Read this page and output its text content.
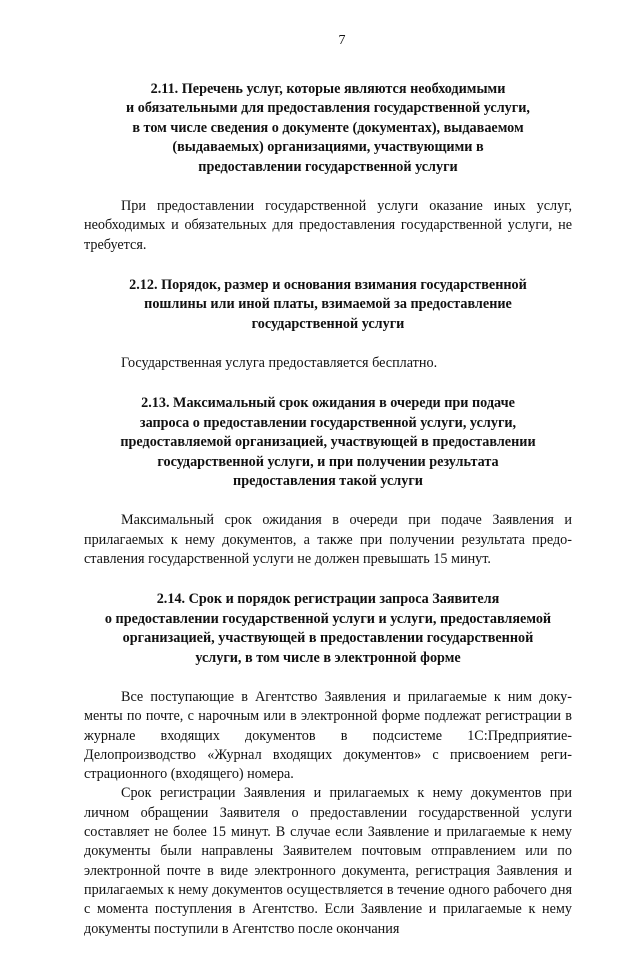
7
2.11. Перечень услуг, которые являются необходимыми
и обязательными для предоставления государственной услуги,
в том числе сведения о документе (документах), выдаваемом
(выдаваемых) организациями, участвующими в
предоставлении государственной услуги

При предоставлении государственной услуги оказание иных услуг, необходимых и обязательных для предоставления государственной услуги, не требуется.

2.12. Порядок, размер и основания взимания государственной
пошлины или иной платы, взимаемой за предоставление
государственной услуги

Государственная услуга предоставляется бесплатно.

2.13. Максимальный срок ожидания в очереди при подаче
запроса о предоставлении государственной услуги, услуги,
предоставляемой организацией, участвующей в предоставлении
государственной услуги, и при получении результата
предоставления такой услуги

Максимальный срок ожидания в очереди при подаче Заявления и прилагаемых к нему документов, а также при получении результата предоставления государственной услуги не должен превышать 15 минут.

2.14. Срок и порядок регистрации запроса Заявителя
о предоставлении государственной услуги и услуги, предоставляемой
организацией, участвующей в предоставлении государственной
услуги, в том числе в электронной форме

Все поступающие в Агентство Заявления и прилагаемые к ним документы по почте, с нарочным или в электронной форме подлежат регистрации в журнале входящих документов в подсистеме 1С:Предприятие-Делопроизводство «Журнал входящих документов» с присвоением регистрационного (входящего) номера.

Срок регистрации Заявления и прилагаемых к нему документов при личном обращении Заявителя о предоставлении государственной услуги составляет не более 15 минут. В случае если Заявление и прилагаемые к нему документы были направлены Заявителем почтовым отправлением или по электронной почте в виде электронного документа, регистрация Заявления и прилагаемых к нему документов осуществляется в течение одного рабочего дня с момента поступления в Агентство. Если Заявление и прилагаемые к нему документы поступили в Агентство после окончания
